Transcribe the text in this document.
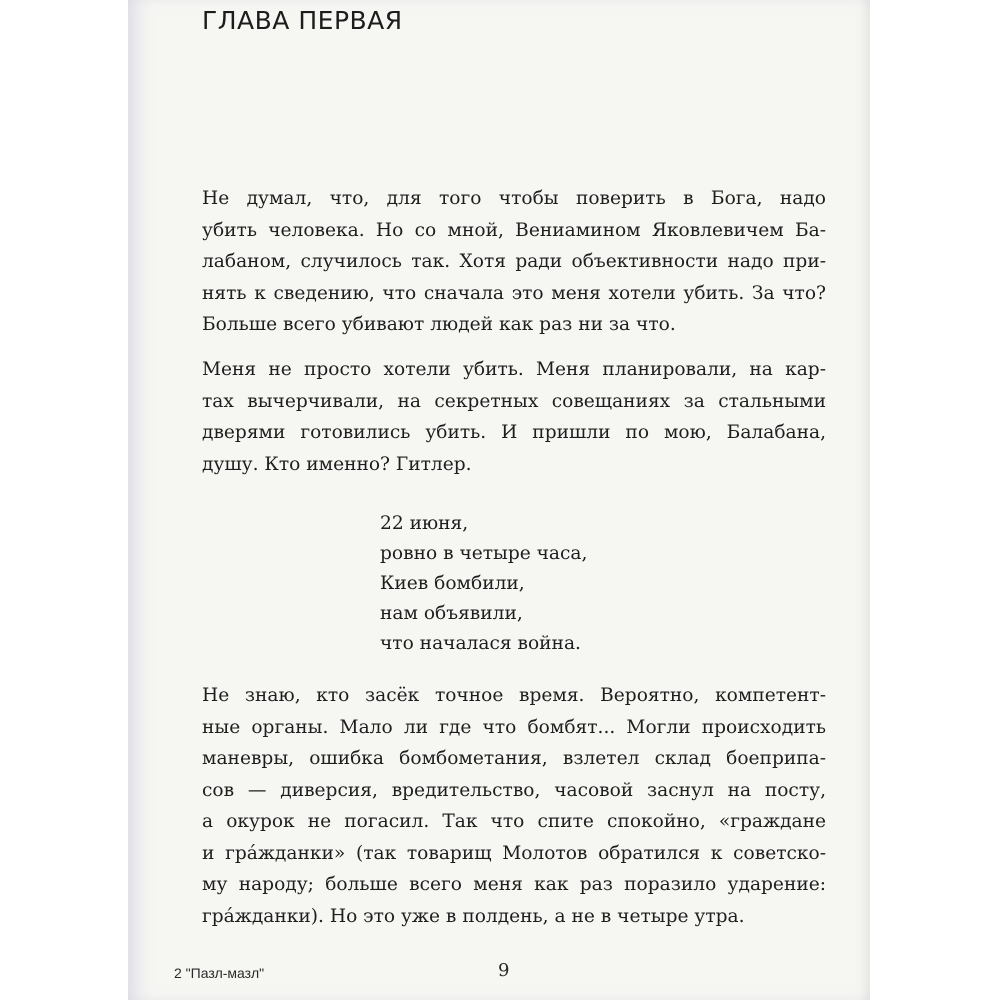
ГЛАВА ПЕРВАЯ

Не думал, что, для того чтобы поверить в Бога, надо
убить человека. Но со мной, Вениамином Яковлевичем Ба-
лабаном, случилось так. Хотя ради объективности надо при-
нять к сведению, что сначала это меня хотели убить. За что?
Больше всего убивают людей как раз ни за что.

Меня не просто хотели убить. Меня планировали, на кар-
тах вычерчивали, на секретных совещаниях за стальными
дверями готовились убить. И пришли по мою, Балабана,
душу. Кто именно? Гитлер.

22 июня,
ровно в четыре часа,
Киев бомбили,
нам объявили,
что началася война.

Не знаю, кто засёк точное время. Вероятно, компетент-
ные органы. Мало ли где что бомбят... Могли происходить
маневры, ошибка бомбометания, взлетел склад боеприпа-
сов — диверсия, вредительство, часовой заснул на посту,
а окурок не погасил. Так что спите спокойно, «граждане
и гра́жданки» (так товарищ Молотов обратился к советско-
му народу; больше всего меня как раз поразило ударение:
гра́жданки). Но это уже в полдень, а не в четыре утра.

2 "Пазл-мазл"	9
